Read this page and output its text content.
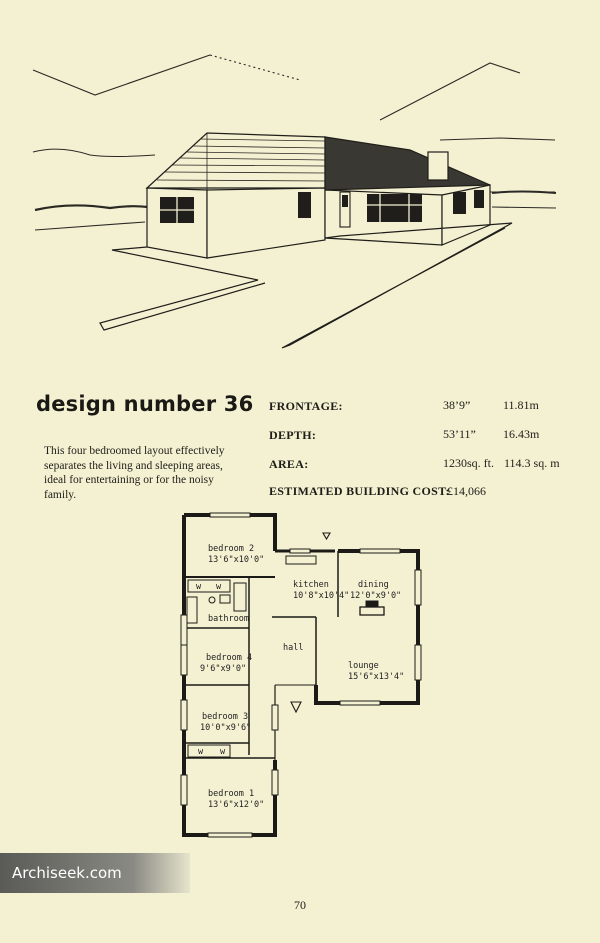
design number 36
This four bedroomed layout effectively separates the living and sleeping areas, ideal for entertaining or for the noisy family.
FRONTAGE:	38’9”	11.81m
DEPTH:	53’11” 16.43m
AREA:	1230sq. ft. 114.3 sq. m
ESTIMATED BUILDING COST:
£14,066
bedroom 2
13'6"x10'0"
kitchen
10'8"x10'4"
dining
12'0"x9'0"
bathroom
hall
bedroom 4
9'6"x9'0"	lounge
15'6"x13'4"
bedroom 3
10'0"x9'6"
bedroom 1
13'6"x12'0"
w w
w w
Archiseek.com
70
